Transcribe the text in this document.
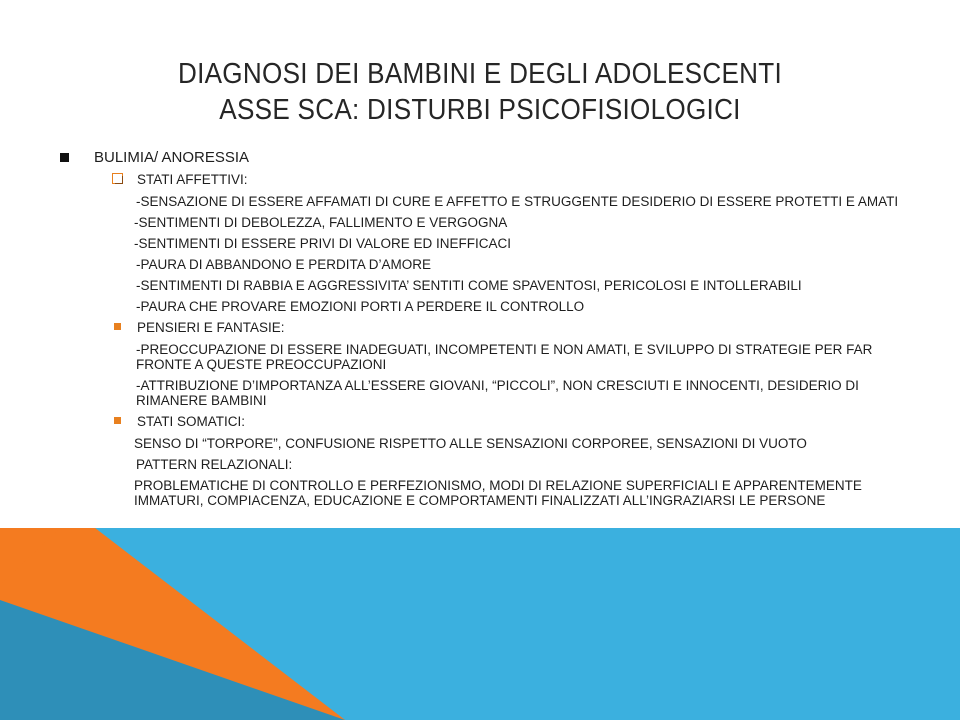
DIAGNOSI DEI BAMBINI E DEGLI ADOLESCENTI
ASSE SCA: DISTURBI PSICOFISIOLOGICI
BULIMIA/ ANORESSIA
STATI AFFETTIVI:
-SENSAZIONE DI ESSERE AFFAMATI DI CURE E AFFETTO E STRUGGENTE DESIDERIO DI ESSERE PROTETTI E AMATI
-SENTIMENTI DI DEBOLEZZA, FALLIMENTO E VERGOGNA
-SENTIMENTI DI ESSERE PRIVI DI VALORE ED INEFFICACI
-PAURA DI ABBANDONO E PERDITA D’AMORE
-SENTIMENTI DI RABBIA E AGGRESSIVITA’ SENTITI COME SPAVENTOSI, PERICOLOSI E INTOLLERABILI
-PAURA CHE PROVARE EMOZIONI PORTI A PERDERE IL CONTROLLO
PENSIERI E FANTASIE:
-PREOCCUPAZIONE DI ESSERE INADEGUATI, INCOMPETENTI E NON AMATI, E SVILUPPO DI STRATEGIE PER FAR FRONTE A QUESTE PREOCCUPAZIONI
-ATTRIBUZIONE D’IMPORTANZA ALL’ESSERE GIOVANI, “PICCOLI”, NON CRESCIUTI E INNOCENTI, DESIDERIO DI RIMANERE BAMBINI
STATI SOMATICI:
SENSO DI “TORPORE”, CONFUSIONE RISPETTO ALLE SENSAZIONI CORPOREE, SENSAZIONI DI VUOTO
PATTERN RELAZIONALI:
PROBLEMATICHE DI CONTROLLO E PERFEZIONISMO, MODI DI RELAZIONE SUPERFICIALI E APPARENTEMENTE IMMATURI, COMPIACENZA, EDUCAZIONE E COMPORTAMENTI FINALIZZATI ALL’INGRAZIARSI LE PERSONE
